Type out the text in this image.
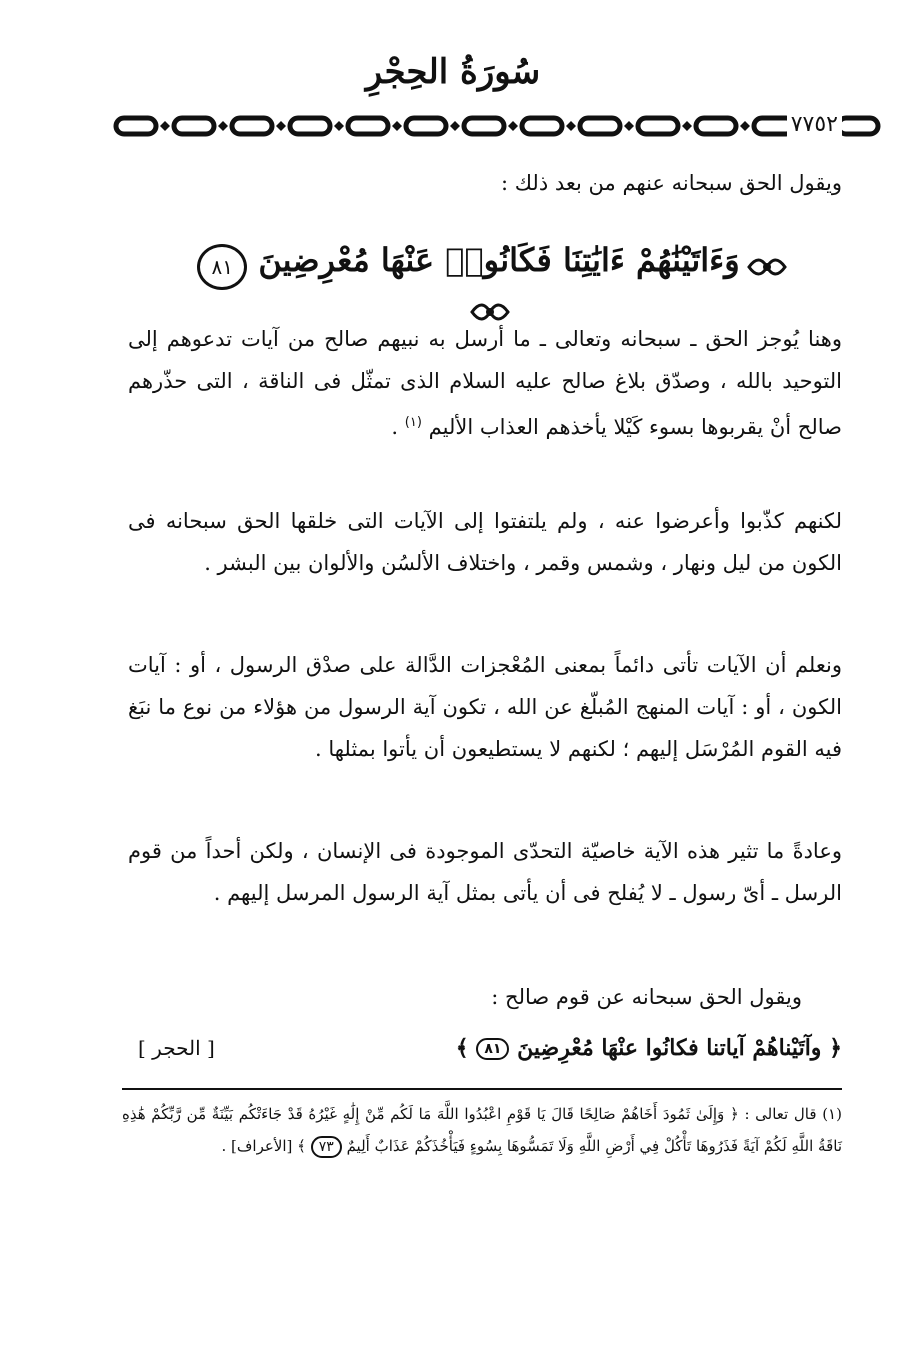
سُورَةُ الحِجْرِ
٧٧٥٢
ويقول الحق سبحانه عنهم من بعد ذلك :
وَءَاتَيْنَٰهُمْ ءَايَٰتِنَا فَكَانُوا۟ عَنْهَا مُعْرِضِينَ ٨١
وهنا يُوجز الحق ـ سبحانه وتعالى ـ ما أرسل به نبيهم صالح من آيات تدعوهم إلى التوحيد بالله ، وصدّق بلاغ صالح عليه السلام الذى تمثّل فى الناقة ، التى حذّرهم صالح أنْ يقربوها بسوء كَيْلا يأخذهم العذاب الأليم $^{(١)}$ .
لكنهم كذّبوا وأعرضوا عنه ، ولم يلتفتوا إلى الآيات التى خلقها الحق سبحانه فى الكون من ليل ونهار ، وشمس وقمر ، واختلاف الألسُن والألوان بين البشر .
ونعلم أن الآيات تأتى دائماً بمعنى المُعْجزات الدَّالة على صدْق الرسول ، أو : آيات الكون ، أو : آيات المنهج المُبلّغ عن الله ، تكون آية الرسول من هؤلاء من نوع ما نبَغ فيه القوم المُرْسَل إليهم ؛ لكنهم لا يستطيعون أن يأتوا بمثلها .
وعادةً ما تثير هذه الآية خاصيّة التحدّى الموجودة فى الإنسان ، ولكن أحداً من قوم الرسل ـ أىّ رسول ـ لا يُفلح فى أن يأتى بمثل آية الرسول المرسل إليهم .
ويقول الحق سبحانه عن قوم صالح :
﴿ وآتَيْناهُمْ آياتنا فكانُوا عنْهَا مُعْرِضِينَ ٨١ ﴾
[ الحجر ]
(١) قال تعالى : ﴿ وَإِلَىٰ ثَمُودَ أَخَاهُمْ صَالِحًا قَالَ يَا قَوْمِ اعْبُدُوا اللَّهَ مَا لَكُم مِّنْ إِلَٰهٍ غَيْرُهُ قَدْ جَاءَتْكُم بَيِّنَةٌ مِّن رَّبِّكُمْ هَٰذِهِ نَاقَةُ اللَّهِ لَكُمْ آيَةً فَذَرُوهَا تَأْكُلْ فِي أَرْضِ اللَّهِ وَلَا تَمَسُّوهَا بِسُوءٍ فَيَأْخُذَكُمْ عَذَابٌ أَلِيمٌ ٧٣ ﴾ [الأعراف] .
